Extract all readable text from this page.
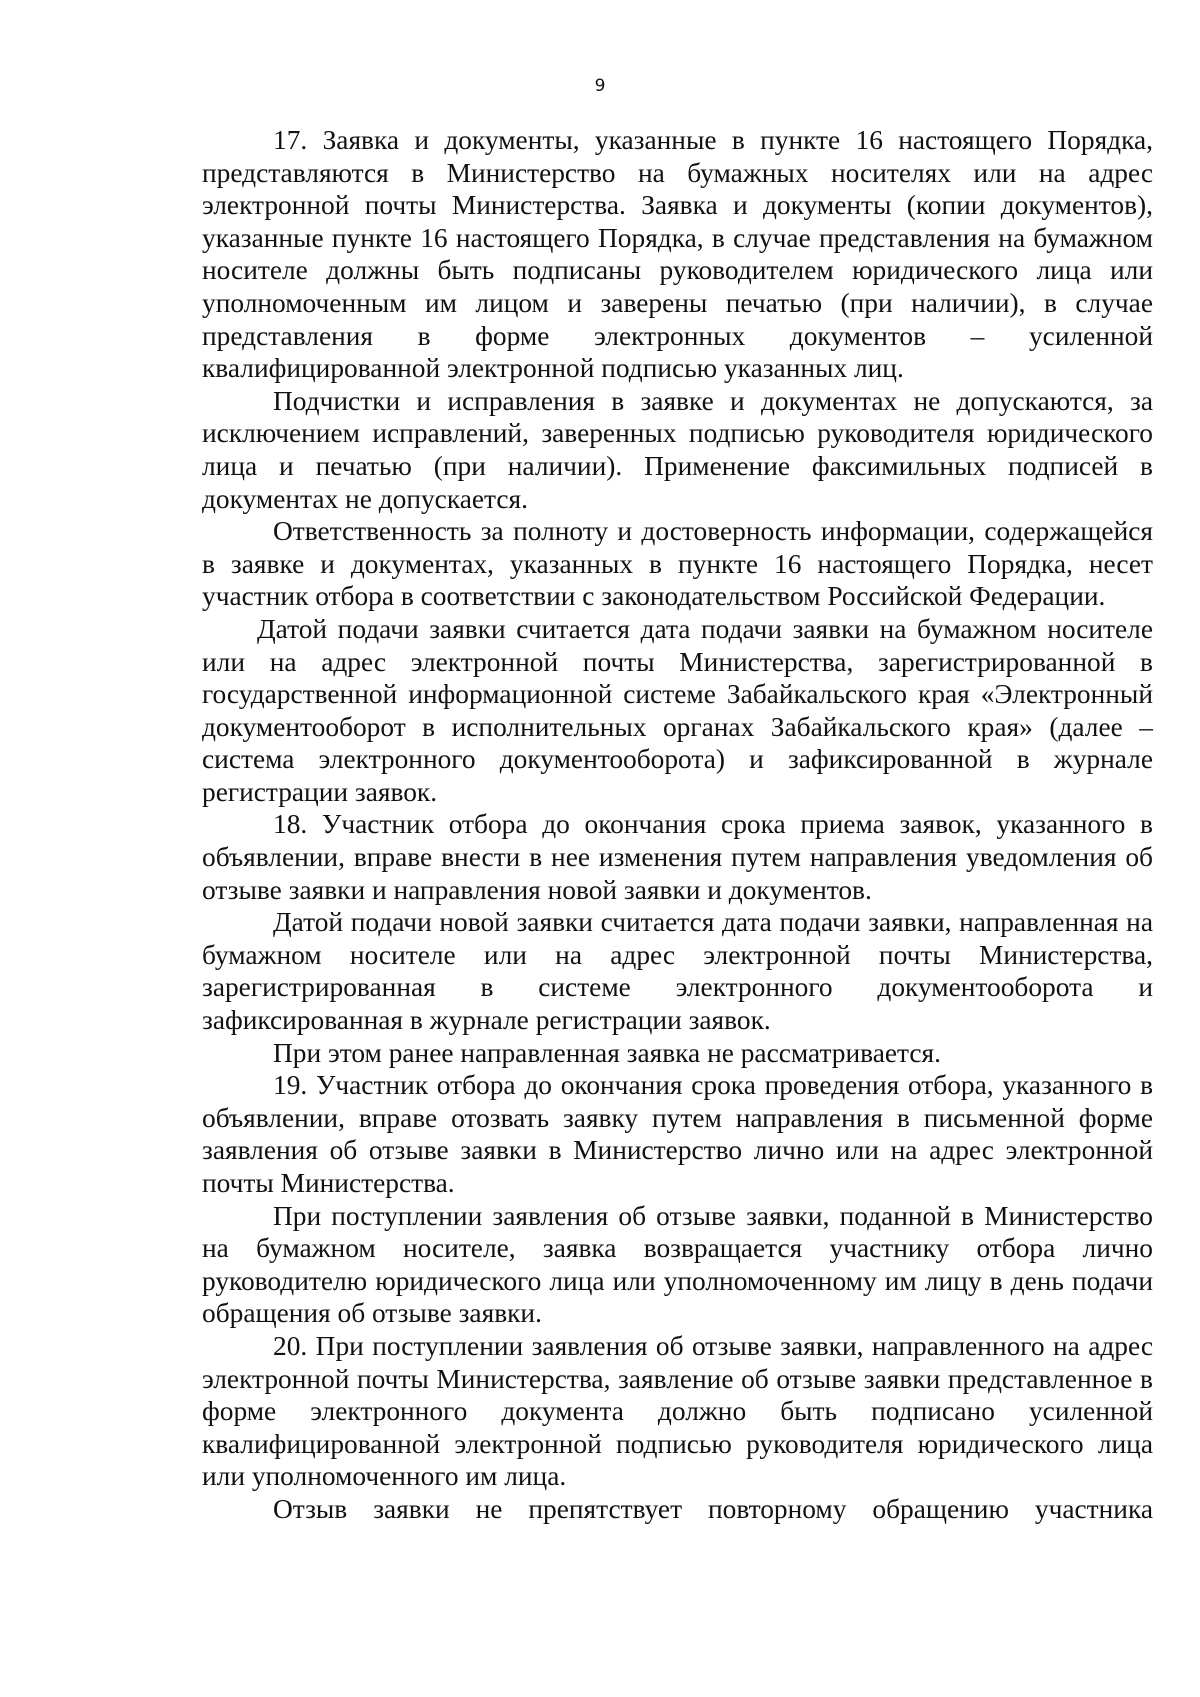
9

17. Заявка и документы, указанные в пункте 16 настоящего Порядка, представляются в Министерство на бумажных носителях или на адрес электронной почты Министерства. Заявка и документы (копии документов), указанные пункте 16 настоящего Порядка, в случае представления на бумажном носителе должны быть подписаны руководителем юридического лица или уполномоченным им лицом и заверены печатью (при наличии), в случае представления в форме электронных документов – усиленной квалифицированной электронной подписью указанных лиц.

Подчистки и исправления в заявке и документах не допускаются, за исключением исправлений, заверенных подписью руководителя юридического лица и печатью (при наличии). Применение факсимильных подписей в документах не допускается.

Ответственность за полноту и достоверность информации, содержащейся в заявке и документах, указанных в пункте 16 настоящего Порядка, несет участник отбора в соответствии с законодательством Российской Федерации.

Датой подачи заявки считается дата подачи заявки на бумажном носителе или на адрес электронной почты Министерства, зарегистрированной в государственной информационной системе Забайкальского края «Электронный документооборот в исполнительных органах Забайкальского края» (далее – система электронного документооборота) и зафиксированной в журнале регистрации заявок.

18. Участник отбора до окончания срока приема заявок, указанного в объявлении, вправе внести в нее изменения путем направления уведомления об отзыве заявки и направления новой заявки и документов.

Датой подачи новой заявки считается дата подачи заявки, направленная на бумажном носителе или на адрес электронной почты Министерства, зарегистрированная в системе электронного документооборота и зафиксированная в журнале регистрации заявок.

При этом ранее направленная заявка не рассматривается.

19. Участник отбора до окончания срока проведения отбора, указанного в объявлении, вправе отозвать заявку путем направления в письменной форме заявления об отзыве заявки в Министерство лично или на адрес электронной почты Министерства.

При поступлении заявления об отзыве заявки, поданной в Министерство на бумажном носителе, заявка возвращается участнику отбора лично руководителю юридического лица или уполномоченному им лицу в день подачи обращения об отзыве заявки.

20. При поступлении заявления об отзыве заявки, направленного на адрес электронной почты Министерства, заявление об отзыве заявки представленное в форме электронного документа должно быть подписано усиленной квалифицированной электронной подписью руководителя юридического лица или уполномоченного им лица.

Отзыв заявки не препятствует повторному обращению участника
